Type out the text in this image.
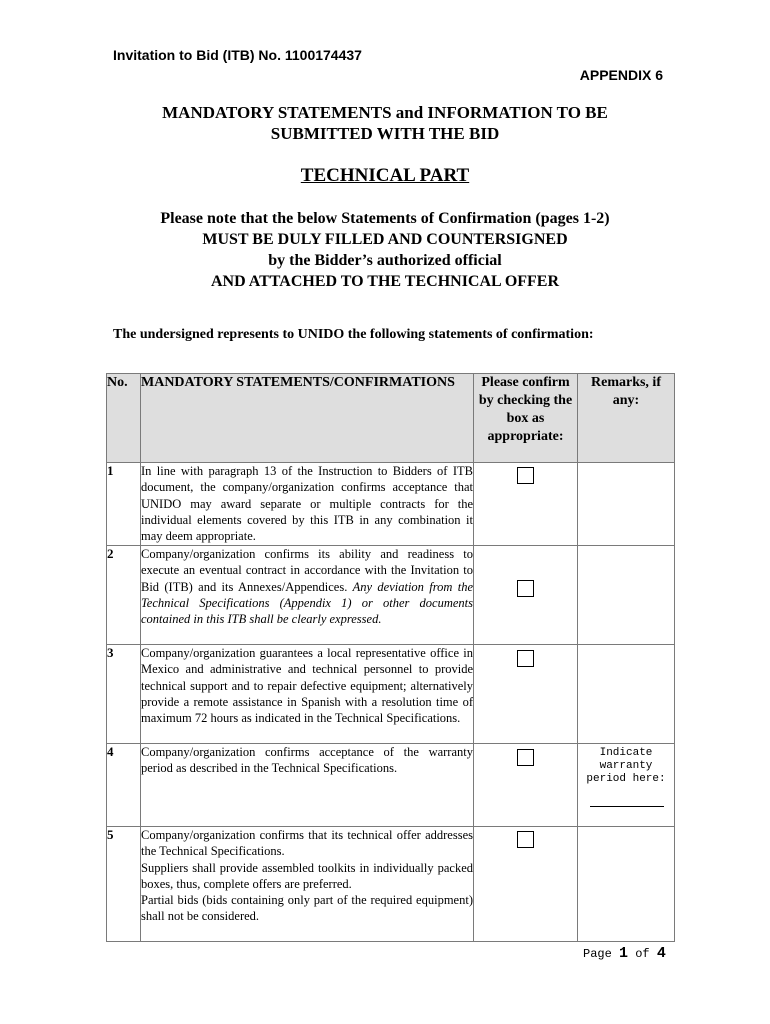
Invitation to Bid (ITB) No. 1100174437
APPENDIX 6
MANDATORY STATEMENTS and INFORMATION TO BE
SUBMITTED WITH THE BID
TECHNICAL PART
Please note that the below Statements of Confirmation (pages 1-2)
MUST BE DULY FILLED AND COUNTERSIGNED
by the Bidder’s authorized official
AND ATTACHED TO THE TECHNICAL OFFER
The undersigned represents to UNIDO the following statements of confirmation:
No.	MANDATORY STATEMENTS/CONFIRMATIONS	Please confirm by checking the box as appropriate:	Remarks, if any:
1	In line with paragraph 13 of the Instruction to Bidders of ITB document, the company/organization confirms acceptance that UNIDO may award separate or multiple contracts for the individual elements covered by this ITB in any combination it may deem appropriate.	

2	Company/organization confirms its ability and readiness to execute an eventual contract in accordance with the Invitation to Bid (ITB) and its Annexes/Appendices. Any deviation from the Technical Specifications (Appendix 1) or other documents contained in this ITB shall be clearly expressed.	

3	Company/organization guarantees a local representative office in Mexico and administrative and technical personnel to provide technical support and to repair defective equipment; alternatively provide a remote assistance in Spanish with a resolution time of maximum 72 hours as indicated in the Technical Specifications.	

4	Company/organization confirms acceptance of the warranty period as described in the Technical Specifications.		Indicate warranty period here:

5	Company/organization confirms that its technical offer addresses the Technical Specifications.
Suppliers shall provide assembled toolkits in individually packed boxes, thus, complete offers are preferred.
Partial bids (bids containing only part of the required equipment) shall not be considered.		

Page 1 of 4
